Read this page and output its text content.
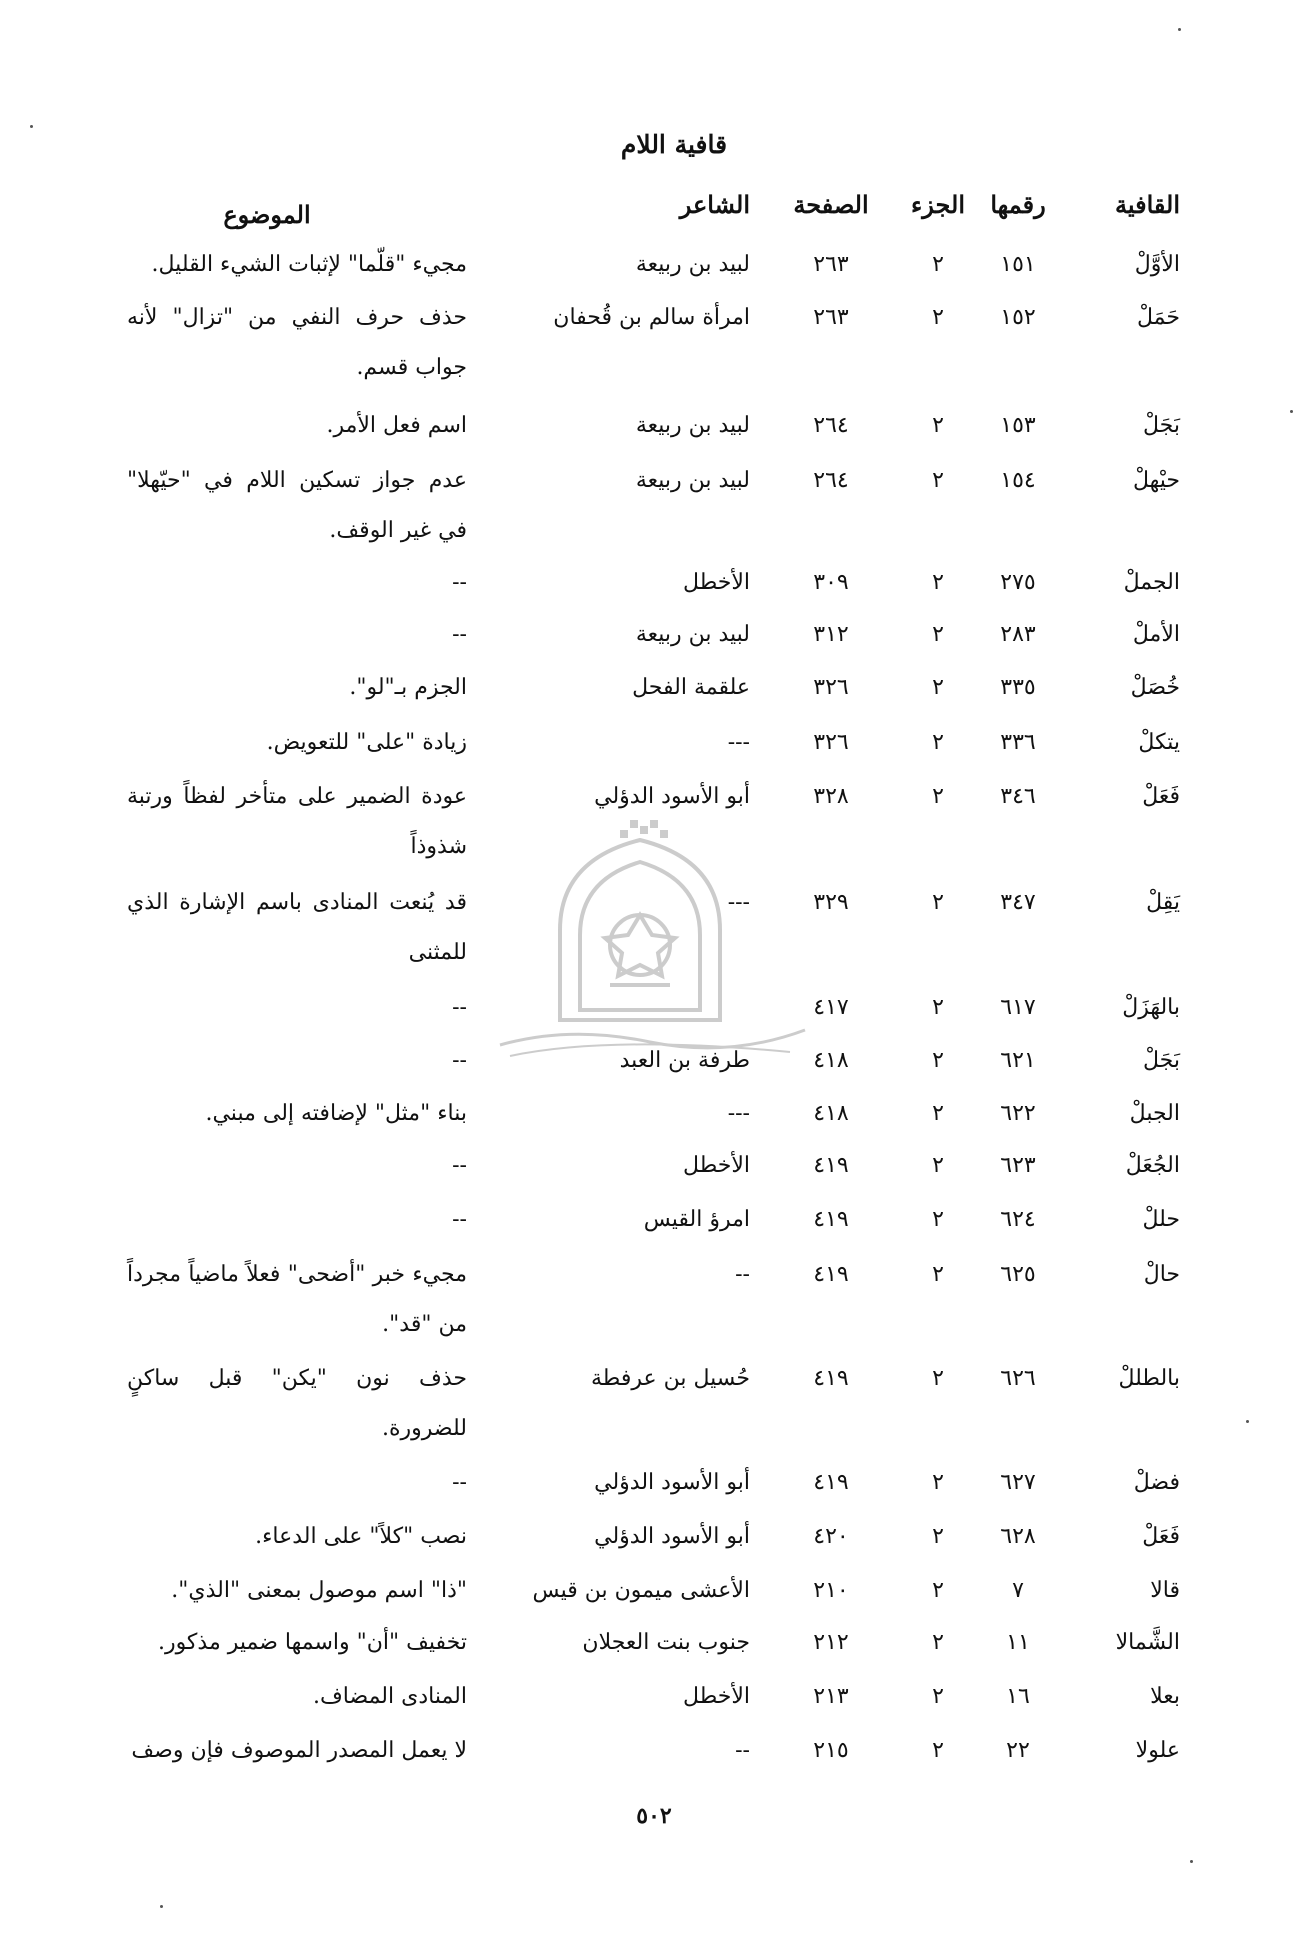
قافية اللام
القافية
رقمها
الجزء
الصفحة
الشاعر
الموضوع
الأوَّلْ
١٥١
٢
٢٦٣
لبيد بن ربيعة
مجيء "قلّما" لإثبات الشيء القليل.
حَمَلْ
١٥٢
٢
٢٦٣
امرأة سالم بن قُحفان
حذف حرف النفي من "تزال" لأنه جواب قسم.
بَجَلْ
١٥٣
٢
٢٦٤
لبيد بن ربيعة
اسم فعل الأمر.
حيْهلْ
١٥٤
٢
٢٦٤
لبيد بن ربيعة
عدم جواز تسكين اللام في "حيّهلا" في غير الوقف.
الجملْ
٢٧٥
٢
٣٠٩
الأخطل
--
الأملْ
٢٨٣
٢
٣١٢
لبيد بن ربيعة
--
خُصَلْ
٣٣٥
٢
٣٢٦
علقمة الفحل
الجزم بـ"لو".
يتكلْ
٣٣٦
٢
٣٢٦
---
زيادة "على" للتعويض.
فَعَلْ
٣٤٦
٢
٣٢٨
أبو الأسود الدؤلي
عودة الضمير على متأخر لفظاً ورتبة شذوذاً
يَقِلْ
٣٤٧
٢
٣٢٩
---
قد يُنعت المنادى باسم الإشارة الذي للمثنى
بالهَزَلْ
٦١٧
٢
٤١٧
--
بَجَلْ
٦٢١
٢
٤١٨
طرفة بن العبد
--
الجبلْ
٦٢٢
٢
٤١٨
---
بناء "مثل" لإضافته إلى مبني.
الجُعَلْ
٦٢٣
٢
٤١٩
الأخطل
--
حللْ
٦٢٤
٢
٤١٩
امرؤ القيس
--
حالْ
٦٢٥
٢
٤١٩
--
مجيء خبر "أضحى" فعلاً ماضياً مجرداً من "قد".
بالطللْ
٦٢٦
٢
٤١٩
حُسيل بن عرفطة
حذف نون "يكن" قبل ساكنٍ للضرورة.
فضلْ
٦٢٧
٢
٤١٩
أبو الأسود الدؤلي
--
فَعَلْ
٦٢٨
٢
٤٢٠
أبو الأسود الدؤلي
نصب "كلاً" على الدعاء.
قالا
٧
٢
٢١٠
الأعشى ميمون بن قيس
"ذا" اسم موصول بمعنى "الذي".
الشَّمالا
١١
٢
٢١٢
جنوب بنت العجلان
تخفيف "أن" واسمها ضمير مذكور.
بعلا
١٦
٢
٢١٣
الأخطل
المنادى المضاف.
علولا
٢٢
٢
٢١٥
--
لا يعمل المصدر الموصوف فإن وصف
٥٠٢
